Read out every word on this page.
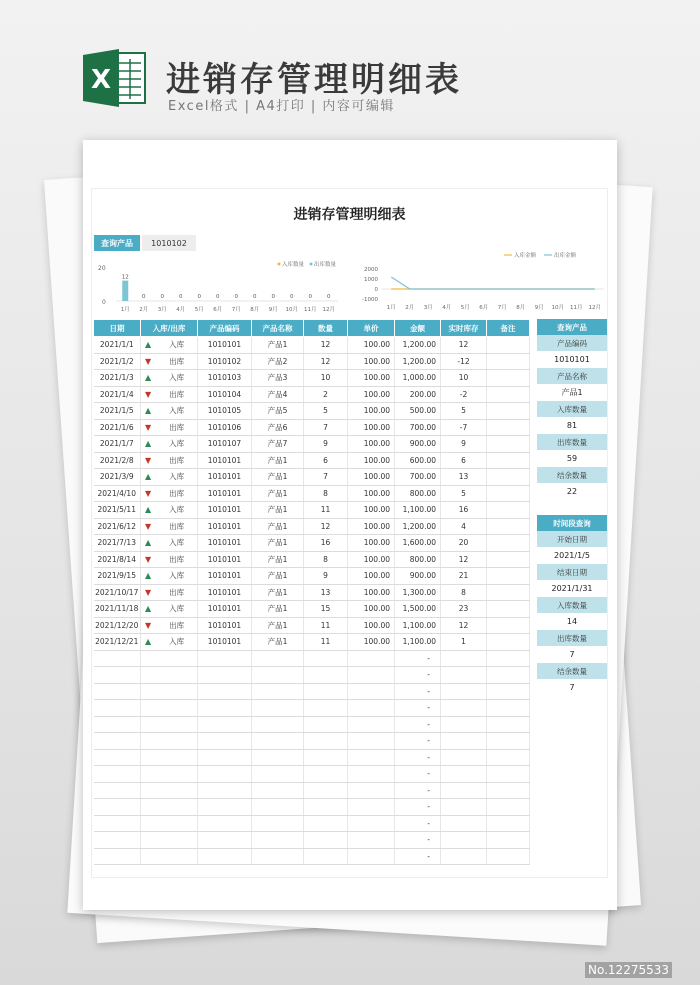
X 进销存管理明细表
Excel格式 | A4打印 | 内容可编辑
进销存管理明细表
查询产品	1010102
20
0
12
1月
0
2月
0
3月
0
4月
0
5月
0
6月
0
7月
0
8月
0
9月
0
10月
0
11月
0
12月
入库数量 出库数量
2000
1000
0
-1000
1月 2月 3月 4月 5月 6月 7月 8月 9月 10月 11月 12月
入库金额	出库金额
日期	入库/出库	产品编码	产品名称	数量	单价	金额	实时库存	备注
2021/1/1	▲ 入库	1010101	产品1	12	100.00	1,200.00	12	
2021/1/2	▼ 出库	1010102	产品2	12	100.00	1,200.00	-12	
2021/1/3	▲ 入库	1010103	产品3	10	100.00	1,000.00	10	
2021/1/4	▼ 出库	1010104	产品4	2	100.00	200.00	-2	
2021/1/5	▲ 入库	1010105	产品5	5	100.00	500.00	5	
2021/1/6	▼ 出库	1010106	产品6	7	100.00	700.00	-7	
2021/1/7	▲ 入库	1010107	产品7	9	100.00	900.00	9	
2021/2/8	▼ 出库	1010101	产品1	6	100.00	600.00	6	
2021/3/9	▲ 入库	1010101	产品1	7	100.00	700.00	13	
2021/4/10	▼ 出库	1010101	产品1	8	100.00	800.00	5	
2021/5/11	▲ 入库	1010101	产品1	11	100.00	1,100.00	16	
2021/6/12	▼ 出库	1010101	产品1	12	100.00	1,200.00	4	
2021/7/13	▲ 入库	1010101	产品1	16	100.00	1,600.00	20	
2021/8/14	▼ 出库	1010101	产品1	8	100.00	800.00	12	
2021/9/15	▲ 入库	1010101	产品1	9	100.00	900.00	21	
2021/10/17	▼ 出库	1010101	产品1	13	100.00	1,300.00	8	
2021/11/18	▲ 入库	1010101	产品1	15	100.00	1,500.00	23	
2021/12/20	▼ 出库	1010101	产品1	11	100.00	1,100.00	12	
2021/12/21	▲ 入库	1010101	产品1	11	100.00	1,100.00	1	
						-		
						-		
						-		
						-		
						-		
						-		
						-		
						-		
						-		
						-		
						-		
						-		
						-		
查询产品
产品编码
1010101
产品名称
产品1
入库数量
81
出库数量
59
结余数量
22
时间段查询
开始日期
2021/1/5
结束日期
2021/1/31
入库数量
14
出库数量
7
结余数量
7
No.12275533
